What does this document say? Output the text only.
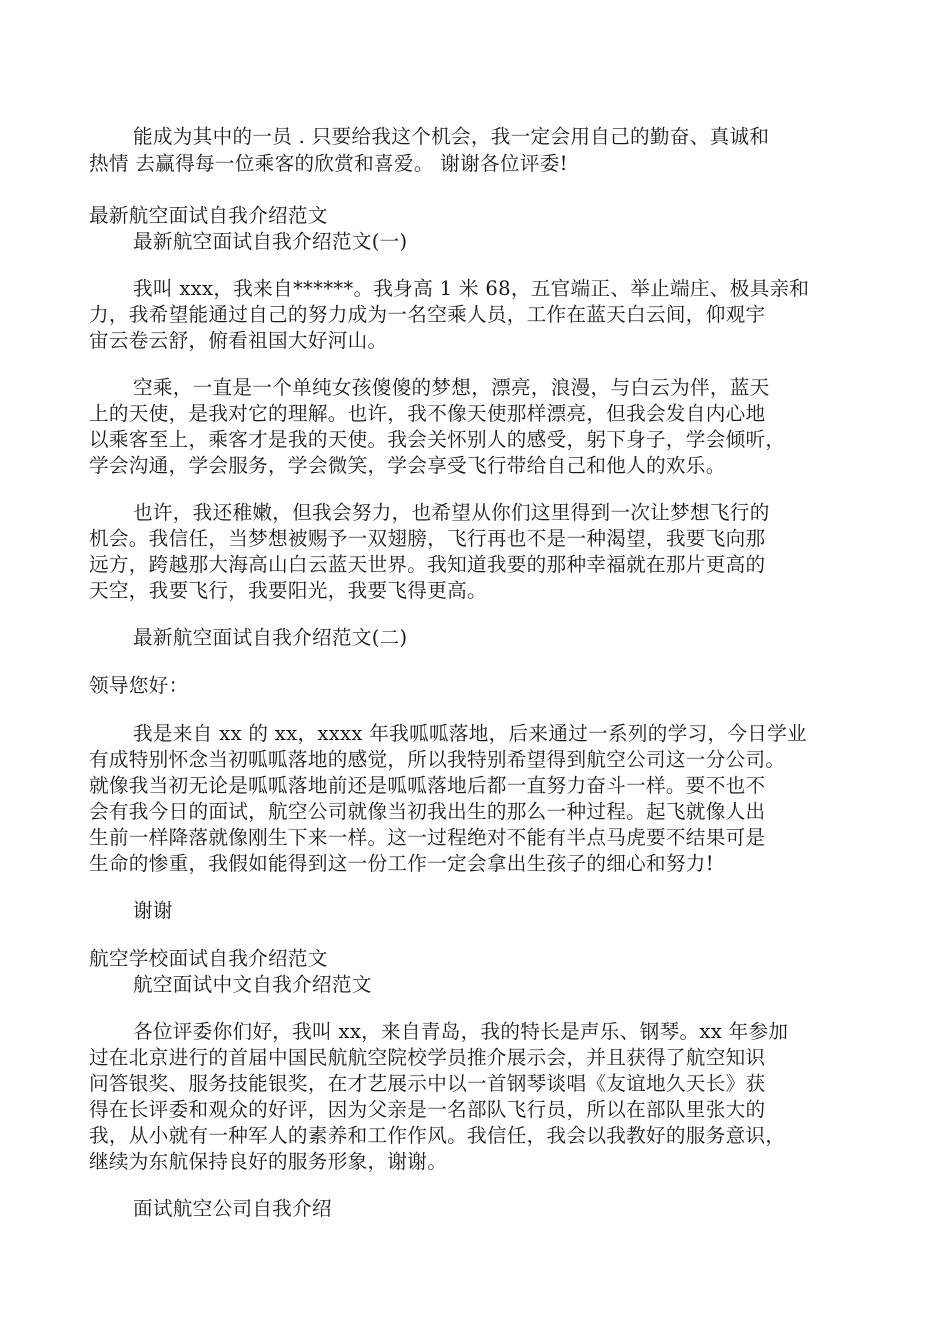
能成为其中的一员 . 只要给我这个机会，我一定会用自己的勤奋、真诚和

热情 去赢得每一位乘客的欣赏和喜爱。 谢谢各位评委!

最新航空面试自我介绍范文

最新航空面试自我介绍范文(一)

我叫 xxx，我来自******。我身高 1 米 68，五官端正、举止端庄、极具亲和

力，我希望能通过自己的努力成为一名空乘人员，工作在蓝天白云间，仰观宇

宙云卷云舒，俯看祖国大好河山。

空乘，一直是一个单纯女孩傻傻的梦想，漂亮，浪漫，与白云为伴，蓝天

上的天使，是我对它的理解。也许，我不像天使那样漂亮，但我会发自内心地

以乘客至上，乘客才是我的天使。我会关怀别人的感受，躬下身子，学会倾听，

学会沟通，学会服务，学会微笑，学会享受飞行带给自己和他人的欢乐。

也许，我还稚嫩，但我会努力，也希望从你们这里得到一次让梦想飞行的

机会。我信任，当梦想被赐予一双翅膀，飞行再也不是一种渴望，我要飞向那

远方，跨越那大海高山白云蓝天世界。我知道我要的那种幸福就在那片更高的

天空，我要飞行，我要阳光，我要飞得更高。

最新航空面试自我介绍范文(二)

领导您好：

我是来自 xx 的 xx，xxxx 年我呱呱落地，后来通过一系列的学习，今日学业

有成特别怀念当初呱呱落地的感觉，所以我特别希望得到航空公司这一分公司。

就像我当初无论是呱呱落地前还是呱呱落地后都一直努力奋斗一样。要不也不

会有我今日的面试，航空公司就像当初我出生的那么一种过程。起飞就像人出

生前一样降落就像刚生下来一样。这一过程绝对不能有半点马虎要不结果可是

生命的惨重，我假如能得到这一份工作一定会拿出生孩子的细心和努力!

谢谢

航空学校面试自我介绍范文

航空面试中文自我介绍范文

各位评委你们好，我叫 xx，来自青岛，我的特长是声乐、钢琴。xx 年参加

过在北京进行的首届中国民航航空院校学员推介展示会，并且获得了航空知识

问答银奖、服务技能银奖，在才艺展示中以一首钢琴谈唱《友谊地久天长》获

得在长评委和观众的好评，因为父亲是一名部队飞行员，所以在部队里张大的

我，从小就有一种军人的素养和工作作风。我信任，我会以我教好的服务意识，

继续为东航保持良好的服务形象，谢谢。

面试航空公司自我介绍
